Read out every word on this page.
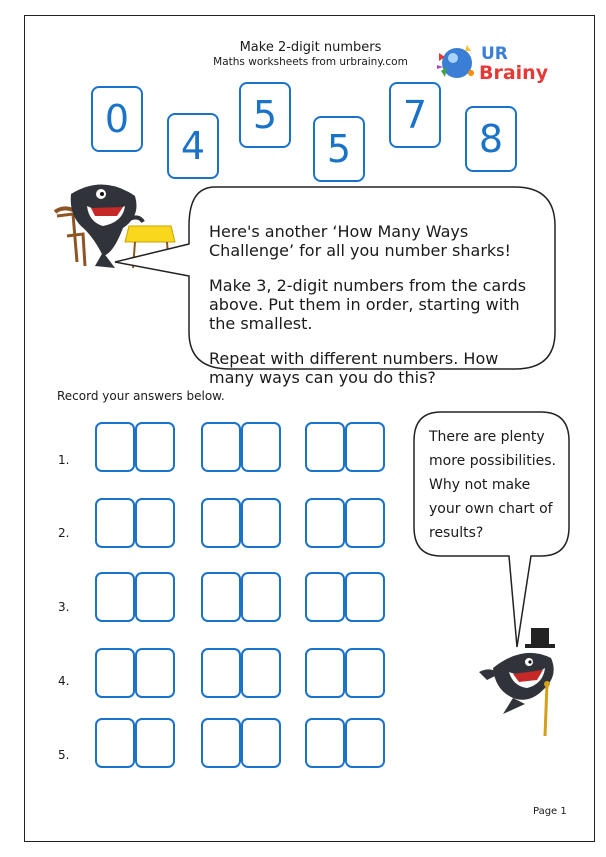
Make 2-digit numbers
Maths worksheets from urbrainy.com	UR
Brainy
0
4
5
5
7
8

Here's another ‘How Many Ways Challenge’ for all you number sharks!

Make 3, 2-digit numbers from the cards above. Put them in order, starting with the smallest.

Repeat with different numbers. How many ways can you do this?

Record your answers below.
1.
2.
3.
4.
5.

There are plenty more possibilities. Why not make your own chart of results?

Page 1
